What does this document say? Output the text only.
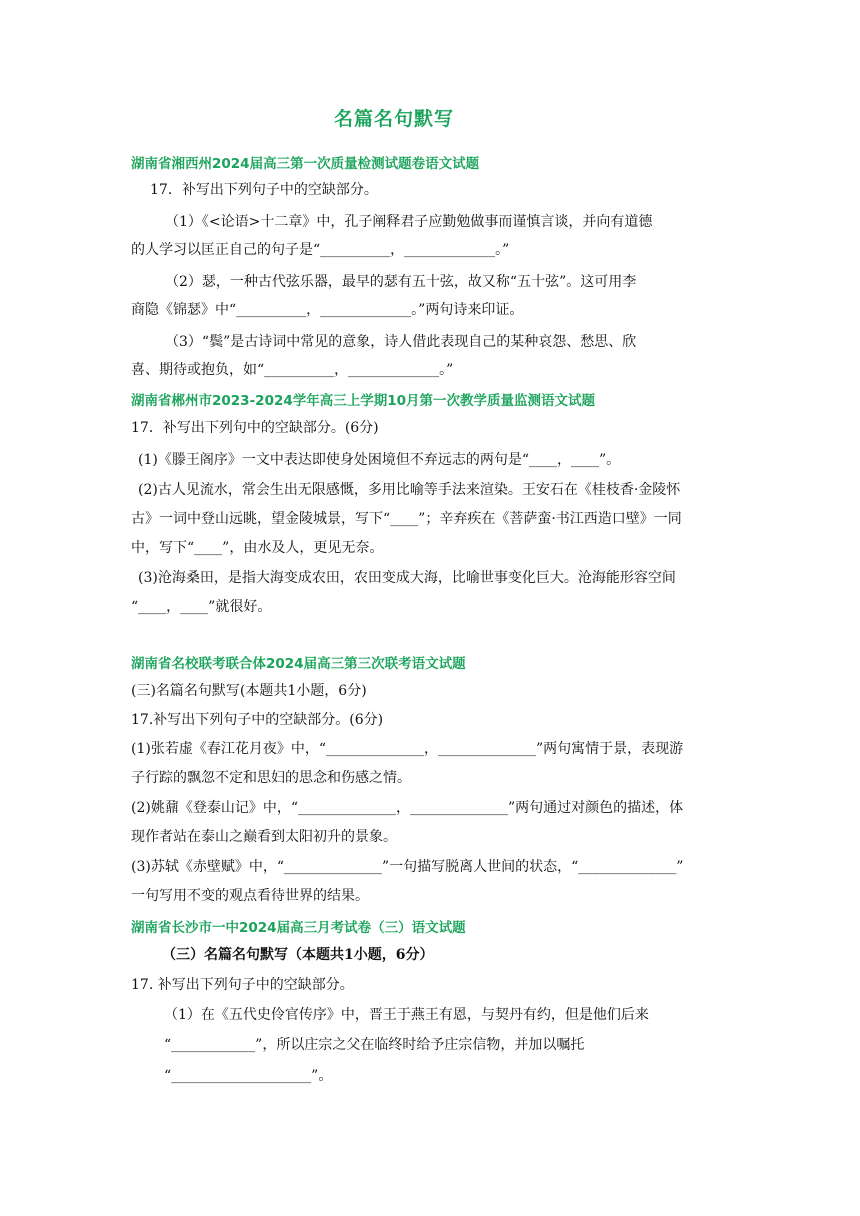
名篇名句默写
湖南省湘西州2024届高三第一次质量检测试题卷语文试题
17．补写出下列句子中的空缺部分。
（1）《<论语>十二章》中，孔子阐释君子应勤勉做事而谨慎言谈，并向有道德
的人学习以匡正自己的句子是“__________，_____________。”
（2）瑟，一种古代弦乐器，最早的瑟有五十弦，故又称“五十弦”。这可用李
商隐《锦瑟》中“__________，_____________。”两句诗来印证。
（3）“鬓”是古诗词中常见的意象，诗人借此表现自己的某种哀怨、愁思、欣
喜、期待或抱负，如“__________，_____________。”
湖南省郴州市2023-2024学年高三上学期10月第一次教学质量监测语文试题
17．补写出下列句中的空缺部分。(6分)
(1)《滕王阁序》一文中表达即使身处困境但不弃远志的两句是“____，____”。
(2)古人见流水，常会生出无限感慨，多用比喻等手法来渲染。王安石在《桂枝香·金陵怀
古》一词中登山远眺，望金陵城景，写下“____”；辛弃疾在《菩萨蛮·书江西造口壁》一同
中，写下“____”，由水及人，更见无奈。
(3)沧海桑田，是指大海变成农田，农田变成大海，比喻世事变化巨大。沧海能形容空间
“____，____”就很好。
湖南省名校联考联合体2024届高三第三次联考语文试题
(三)名篇名句默写(本题共1小题，6分)
17.补写出下列句子中的空缺部分。(6分)
(1)张若虚《春江花月夜》中，“______________，______________”两句寓情于景，表现游
子行踪的飘忽不定和思妇的思念和伤感之情。
(2)姚鼐《登泰山记》中，“______________，______________”两句通过对颜色的描述，体
现作者站在泰山之巅看到太阳初升的景象。
(3)苏轼《赤壁赋》中，“______________”一句描写脱离人世间的状态，“______________”
一句写用不变的观点看待世界的结果。
湖南省长沙市一中2024届高三月考试卷（三）语文试题
（三）名篇名句默写（本题共1小题，6分）
17. 补写出下列句子中的空缺部分。
（1）在《五代史伶官传序》中，晋王于燕王有恩，与契丹有约，但是他们后来
“____________”，所以庄宗之父在临终时给予庄宗信物，并加以嘱托
“____________________”。
